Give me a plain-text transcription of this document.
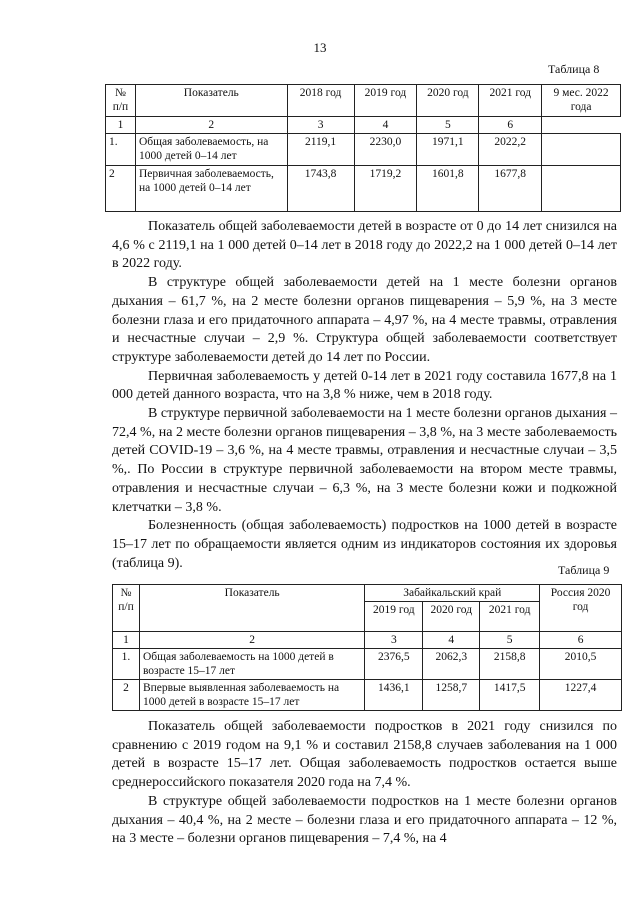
13
Таблица 8
№ п/п	Показатель	2018 год	2019 год	2020 год	2021 год	9 мес. 2022 года
1	2	3	4	5	6	
1.	Общая заболеваемость, на 1000 детей 0–14 лет	2119,1	2230,0	1971,1	2022,2	
2	Первичная заболеваемость, на 1000 детей 0–14 лет	1743,8	1719,2	1601,8	1677,8	

Показатель общей заболеваемости детей в возрасте от 0 до 14 лет снизился на 4,6 % с 2119,1 на 1 000 детей 0–14 лет в 2018 году до 2022,2 на 1 000 детей 0–14 лет в 2022 году.

В структуре общей заболеваемости детей на 1 месте болезни органов дыхания – 61,7 %, на 2 месте болезни органов пищеварения – 5,9 %, на 3 месте болезни глаза и его придаточного аппарата – 4,97 %, на 4 месте травмы, отравления и несчастные случаи – 2,9 %. Структура общей заболеваемости соответствует структуре заболеваемости детей до 14 лет по России.

Первичная заболеваемость у детей 0-14 лет в 2021 году составила 1677,8 на 1 000 детей данного возраста, что на 3,8 % ниже, чем в 2018 году.

В структуре первичной заболеваемости на 1 месте болезни органов дыхания – 72,4 %, на 2 месте болезни органов пищеварения – 3,8 %, на 3 месте заболеваемость детей COVID-19 – 3,6 %, на 4 месте травмы, отравления и несчастные случаи – 3,5 %,. По России в структуре первичной заболеваемости на втором месте травмы, отравления и несчастные случаи – 6,3 %, на 3 месте болезни кожи и подкожной клетчатки – 3,8 %.

Болезненность (общая заболеваемость) подростков на 1000 детей в возрасте 15–17 лет по обращаемости является одним из индикаторов состояния их здоровья (таблица 9).	Таблица 9
№ п/п	Показатель	Забайкальский край			Россия 2020 год
		2019 год	2020 год	2021 год	
1	2	3	4	5	6
1.	Общая заболеваемость на 1000 детей в возрасте 15–17 лет	2376,5	2062,3	2158,8	2010,5
2	Впервые выявленная заболеваемость на 1000 детей в возрасте 15–17 лет	1436,1	1258,7	1417,5	1227,4

Показатель общей заболеваемости подростков в 2021 году снизился по сравнению с 2019 годом на 9,1 % и составил 2158,8 случаев заболевания на 1 000 детей в возрасте 15–17 лет. Общая заболеваемость подростков остается выше среднероссийского показателя 2020 года на 7,4 %.

В структуре общей заболеваемости подростков на 1 месте болезни органов дыхания – 40,4 %, на 2 месте – болезни глаза и его придаточного аппарата – 12 %, на 3 месте – болезни органов пищеварения – 7,4 %, на 4
